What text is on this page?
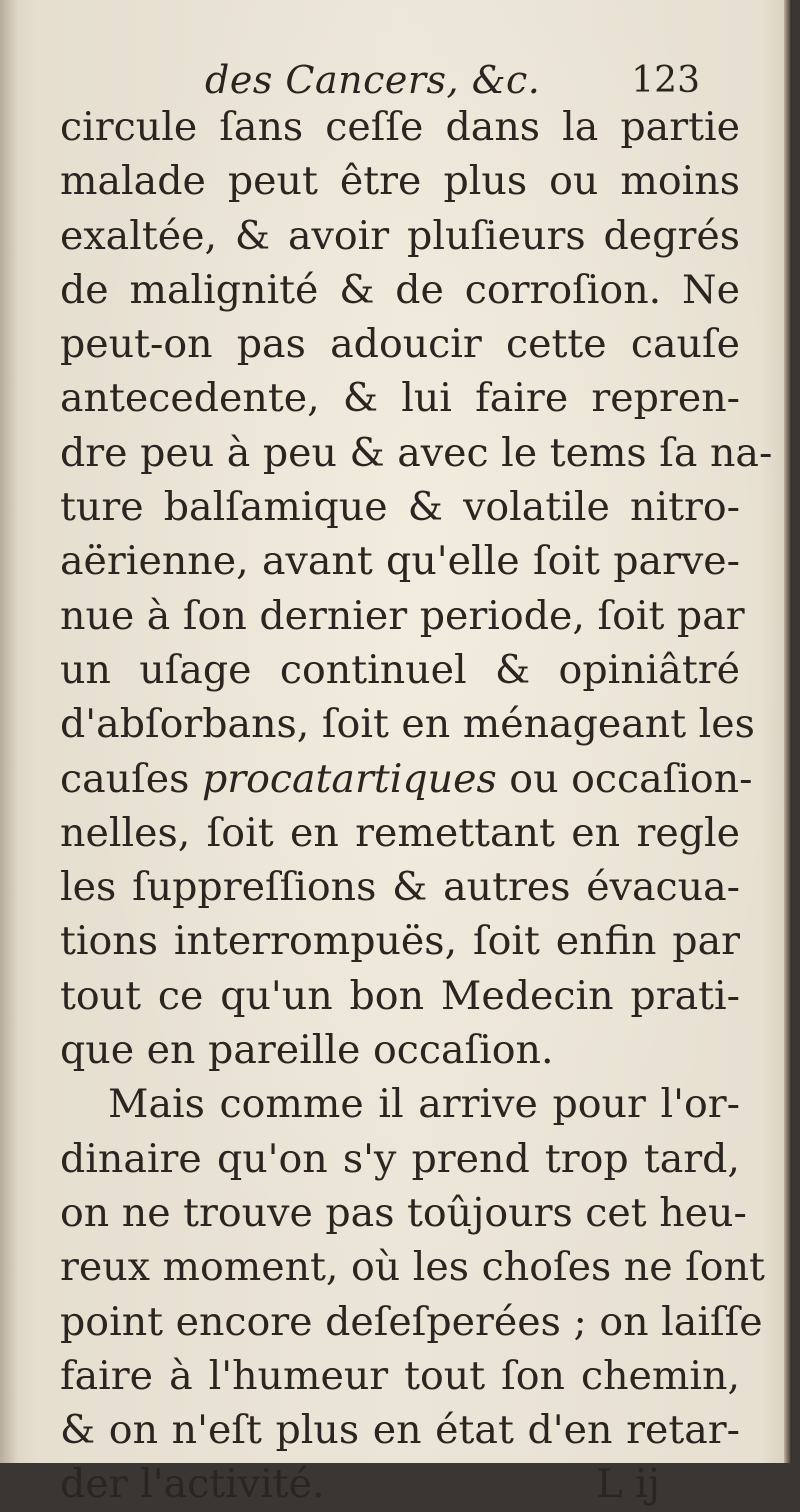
des Cancers, &c.	123
circule ſans ceſſe dans la partie
malade peut être plus ou moins
exaltée, & avoir pluſieurs degrés
de malignité & de corroſion. Ne
peut-on pas adoucir cette cauſe
antecedente, & lui faire repren-
dre peu à peu & avec le tems ſa na-
ture balſamique & volatile nitro-
aërienne, avant qu'elle ſoit parve-
nue à ſon dernier periode, ſoit par
un uſage continuel & opiniâtré
d'abſorbans, ſoit en ménageant les
cauſes procatartiques ou occaſion-
nelles, ſoit en remettant en regle
les ſuppreſſions & autres évacua-
tions interrompuës, ſoit enfin par
tout ce qu'un bon Medecin prati-
que en pareille occaſion.
Mais comme il arrive pour l'or-
dinaire qu'on s'y prend trop tard,
on ne trouve pas toûjours cet heu-
reux moment, où les choſes ne ſont
point encore deſeſperées ; on laiſſe
faire à l'humeur tout ſon chemin,
& on n'eſt plus en état d'en retar-
der l'activité.	L ij
